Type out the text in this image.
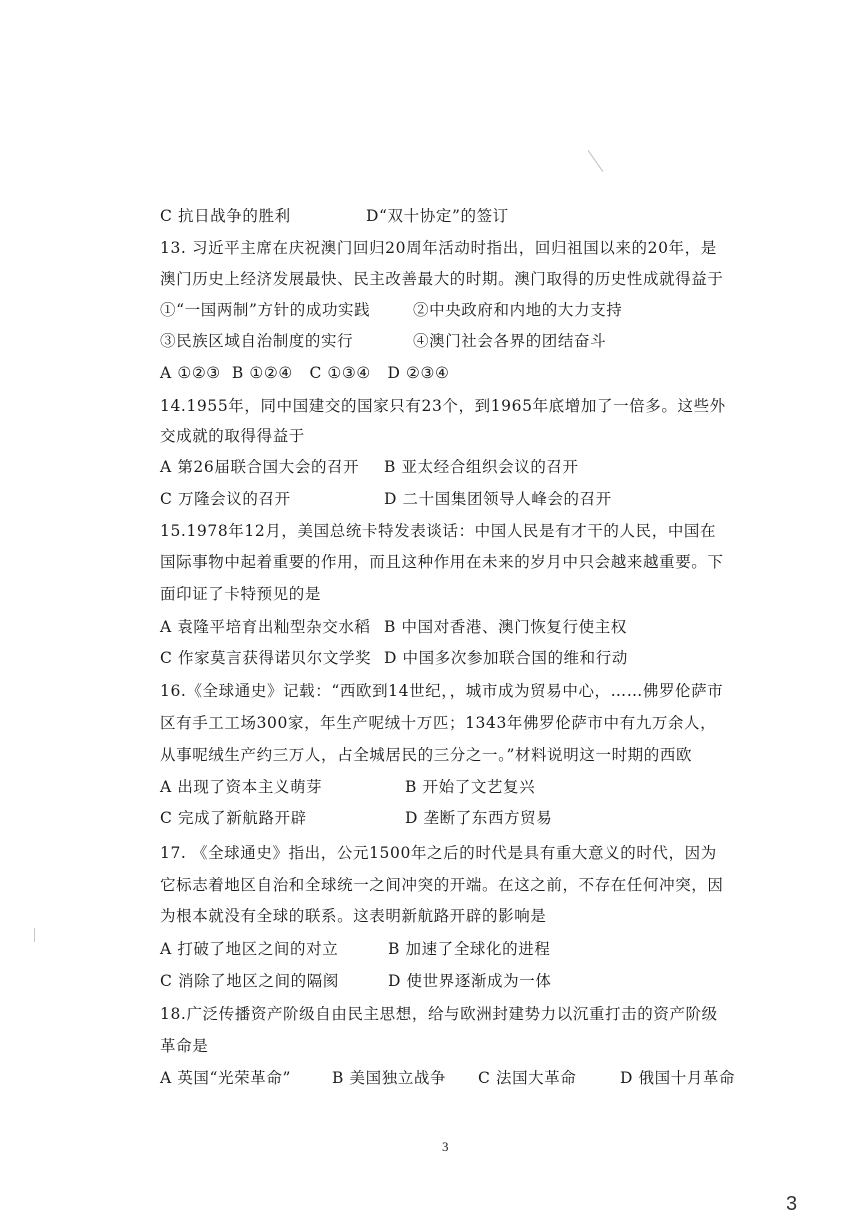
C 抗日战争的胜利	D“双十协定”的签订
13. 习近平主席在庆祝澳门回归20周年活动时指出，回归祖国以来的20年，是
澳门历史上经济发展最快、民主改善最大的时期。澳门取得的历史性成就得益于
①“一国两制”方针的成功实践	②中央政府和内地的大力支持
③民族区域自治制度的实行	④澳门社会各界的团结奋斗
A ①②③  B ①②④   C ①③④   D ②③④
14.1955年，同中国建交的国家只有23个，到1965年底增加了一倍多。这些外
交成就的取得得益于
A 第26届联合国大会的召开 B 亚太经合组织会议的召开
C 万隆会议的召开	D 二十国集团领导人峰会的召开
15.1978年12月，美国总统卡特发表谈话：中国人民是有才干的人民，中国在
国际事物中起着重要的作用，而且这种作用在未来的岁月中只会越来越重要。下
面印证了卡特预见的是
A 袁隆平培育出籼型杂交水稻 B 中国对香港、澳门恢复行使主权
C 作家莫言获得诺贝尔文学奖 D 中国多次参加联合国的维和行动
16.《全球通史》记载：“西欧到14世纪，，城市成为贸易中心，……佛罗伦萨市
区有手工工场300家，年生产呢绒十万匹；1343年佛罗伦萨市中有九万余人，
从事呢绒生产约三万人，占全城居民的三分之一。”材料说明这一时期的西欧
A 出现了资本主义萌芽	B 开始了文艺复兴
C 完成了新航路开辟	D 垄断了东西方贸易
17. 《全球通史》指出，公元1500年之后的时代是具有重大意义的时代，因为
它标志着地区自治和全球统一之间冲突的开端。在这之前，不存在任何冲突，因
为根本就没有全球的联系。这表明新航路开辟的影响是
A 打破了地区之间的对立	B 加速了全球化的进程
C 消除了地区之间的隔阂	D 使世界逐渐成为一体
18.广泛传播资产阶级自由民主思想，给与欧洲封建势力以沉重打击的资产阶级
革命是
A 英国“光荣革命”	B 美国独立战争 C 法国大革命	D 俄国十月革命
3
3
